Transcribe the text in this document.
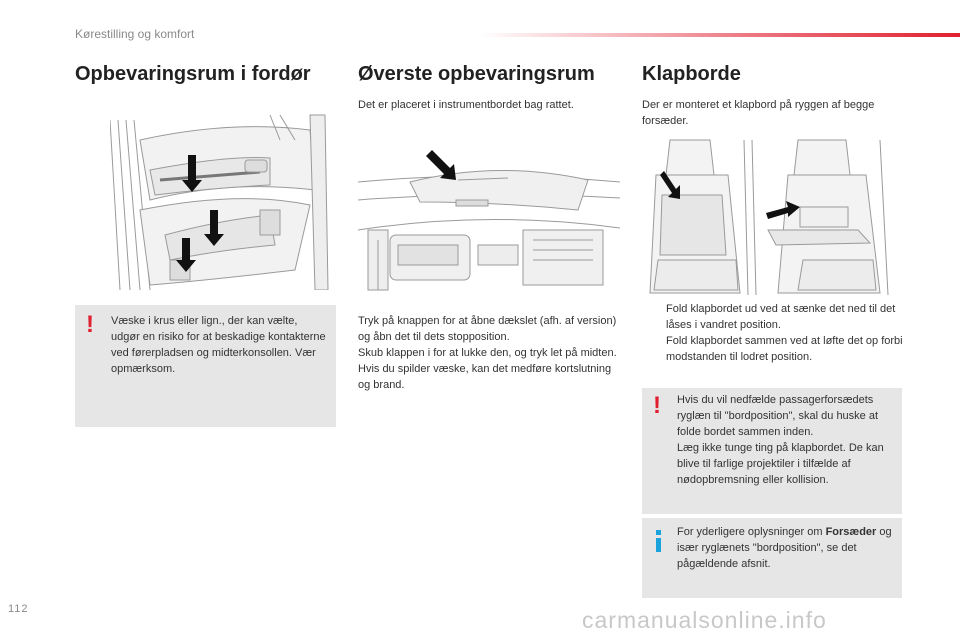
Kørestilling og komfort
Opbevaringsrum i fordør
! Væske i krus eller lign., der kan vælte, udgør en risiko for at beskadige kontakterne ved førerpladsen og midterkonsollen. Vær opmærksom.
Øverste opbevaringsrum

Det er placeret i instrumentbordet bag rattet.

Tryk på knappen for at åbne dækslet (afh. af version) og åbn det til dets stopposition.
Skub klappen i for at lukke den, og tryk let på midten.
Hvis du spilder væske, kan det medføre kortslutning og brand.

Klapborde

Der er monteret et klapbord på ryggen af begge forsæder.

Fold klapbordet ud ved at sænke det ned til det låses i vandret position.
Fold klapbordet sammen ved at løfte det op forbi modstanden til lodret position.
! Hvis du vil nedfælde passagerforsædets ryglæn til "bordposition", skal du huske at folde bordet sammen inden.
Læg ikke tunge ting på klapbordet. De kan blive til farlige projektiler i tilfælde af nødopbremsning eller kollision.
For yderligere oplysninger om Forsæder og især ryglænets "bordposition", se det pågældende afsnit.
112	carmanualsonline.info
